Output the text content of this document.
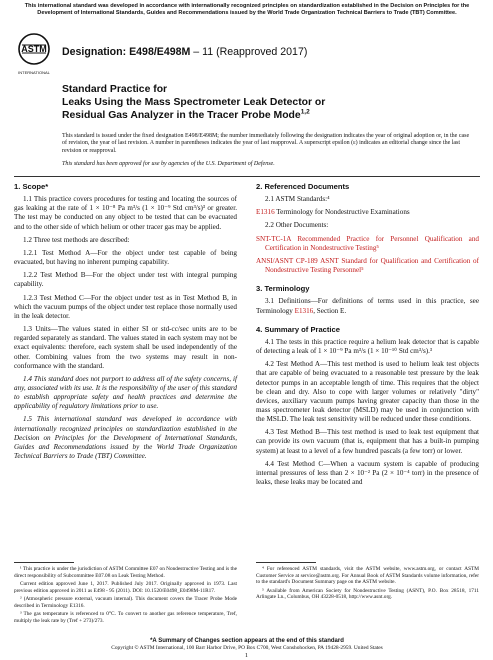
This international standard was developed in accordance with internationally recognized principles on standardization established in the Decision on Principles for the Development of International Standards, Guides and Recommendations issued by the World Trade Organization Technical Barriers to Trade (TBT) Committee.
ASTM
INTERNATIONAL
Designation: E498/E498M – 11 (Reapproved 2017)
Standard Practice for
Leaks Using the Mass Spectrometer Leak Detector or
Residual Gas Analyzer in the Tracer Probe Mode$^{1,2}$
This standard is issued under the fixed designation E498/E498M; the number immediately following the designation indicates the year of original adoption or, in the case of revision, the year of last revision. A number in parentheses indicates the year of last reapproval. A superscript epsilon (ε) indicates an editorial change since the last revision or reapproval.
This standard has been approved for use by agencies of the U.S. Department of Defense.
1. Scope*

1.1 This practice covers procedures for testing and locating the sources of gas leaking at the rate of 1 × 10⁻⁸ Pa m³/s (1 × 10⁻⁹ Std cm³/s)³ or greater. The test may be conducted on any object to be tested that can be evacuated and to the other side of which helium or other tracer gas may be applied.

1.2 Three test methods are described:

1.2.1 Test Method A—For the object under test capable of being evacuated, but having no inherent pumping capability.

1.2.2 Test Method B—For the object under test with integral pumping capability.

1.2.3 Test Method C—For the object under test as in Test Method B, in which the vacuum pumps of the object under test replace those normally used in the leak detector.

1.3 Units—The values stated in either SI or std-cc/sec units are to be regarded separately as standard. The values stated in each system may not be exact equivalents: therefore, each system shall be used independently of the other. Combining values from the two systems may result in non-conformance with the standard.

1.4 This standard does not purport to address all of the safety concerns, if any, associated with its use. It is the responsibility of the user of this standard to establish appropriate safety and health practices and determine the applicability of regulatory limitations prior to use.

1.5 This international standard was developed in accordance with internationally recognized principles on standardization established in the Decision on Principles for the Development of International Standards, Guides and Recommendations issued by the World Trade Organization Technical Barriers to Trade (TBT) Committee.

2. Referenced Documents

2.1 ASTM Standards:⁴

E1316 Terminology for Nondestructive Examinations

2.2 Other Documents:

SNT-TC-1A Recommended Practice for Personnel Qualification and Certification in Nondestructive Testing⁵

ANSI/ASNT CP-189 ASNT Standard for Qualification and Certification of Nondestructive Testing Personnel⁵

3. Terminology

3.1 Definitions—For definitions of terms used in this practice, see Terminology E1316, Section E.

4. Summary of Practice

4.1 The tests in this practice require a helium leak detector that is capable of detecting a leak of 1 × 10⁻⁹ Pa m³/s (1 × 10⁻¹⁰ Std cm³/s).³

4.2 Test Method A—This test method is used to helium leak test objects that are capable of being evacuated to a reasonable test pressure by the leak detector pumps in an acceptable length of time. This requires that the object be clean and dry. Also to cope with larger volumes or relatively "dirty" devices, auxiliary vacuum pumps having greater capacity than those in the mass spectrometer leak detector (MSLD) may be used in conjunction with the MSLD. The leak test sensitivity will be reduced under these conditions.

4.3 Test Method B—This test method is used to leak test equipment that can provide its own vacuum (that is, equipment that has a built-in pumping system) at least to a level of a few hundred pascals (a few torr) or lower.

4.4 Test Method C—When a vacuum system is capable of producing internal pressures of less than 2 × 10⁻² Pa (2 × 10⁻⁴ torr) in the presence of leaks, these leaks may be located and

¹ This practice is under the jurisdiction of ASTM Committee E07 on Nondestructive Testing and is the direct responsibility of Subcommittee E07.08 on Leak Testing Method.

Current edition approved June 1, 2017. Published July 2017. Originally approved in 1973. Last previous edition approved in 2011 as E498 - 95 (2011). DOI: 10.1520/E0498_E0498M-11R17.

² (Atmospheric pressure external, vacuum internal). This document covers the Tracer Probe Mode described in Terminology E1316.

³ The gas temperature is referenced to 0°C. To convert to another gas reference temperature, Tref, multiply the leak rate by (Tref + 273)/273.

⁴ For referenced ASTM standards, visit the ASTM website, www.astm.org, or contact ASTM Customer Service at service@astm.org. For Annual Book of ASTM Standards volume information, refer to the standard's Document Summary page on the ASTM website.

⁵ Available from American Society for Nondestructive Testing (ASNT), P.O. Box 28518, 1711 Arlingate Ln., Columbus, OH 43228-0518, http://www.asnt.org.

*A Summary of Changes section appears at the end of this standard
Copyright © ASTM International, 100 Barr Harbor Drive, PO Box C700, West Conshohocken, PA 19428-2959. United States
1
